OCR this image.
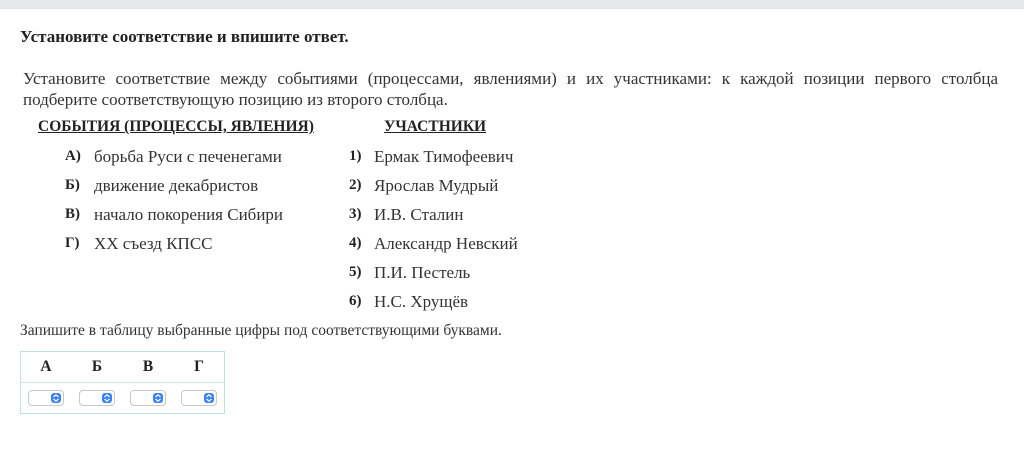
Установите соответствие и впишите ответ.
Установите соответствие между событиями (процессами, явлениями) и их участниками: к каждой позиции первого столбца подберите соответствующую позицию из второго столбца.
СОБЫТИЯ (ПРОЦЕССЫ, ЯВЛЕНИЯ)	УЧАСТНИКИ
А) борьба Руси с печенегами
Б) движение декабристов
В) начало покорения Сибири
Г) XX съезд КПСС
1) Ермак Тимофеевич
2) Ярослав Мудрый
3) И.В. Сталин
4) Александр Невский
5) П.И. Пестель
6) Н.С. Хрущёв
Запишите в таблицу выбранные цифры под соответствующими буквами.
А	Б	В	Г
